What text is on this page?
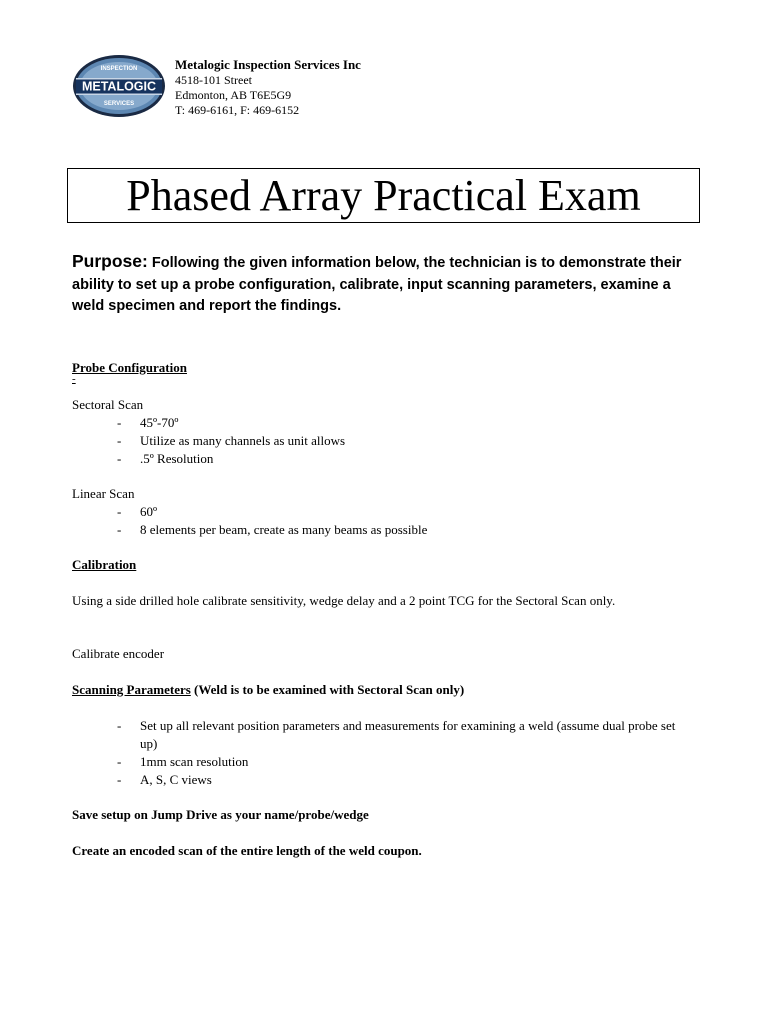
INSPECTION
METALOGIC
SERVICES
Metalogic Inspection Services Inc
4518-101 Street
Edmonton, AB T6E5G9
T: 469-6161, F: 469-6152
Phased Array Practical Exam
Purpose: Following the given information below, the technician is to demonstrate their ability to set up a probe configuration, calibrate, input scanning parameters, examine a weld specimen and report the findings.
Probe Configuration
-
Sectoral Scan
- 45º-70º
- Utilize as many channels as unit allows
- .5º Resolution
Linear Scan
- 60º
- 8 elements per beam, create as many beams as possible
Calibration
Using a side drilled hole calibrate sensitivity, wedge delay and a 2 point TCG for the Sectoral Scan only.
Calibrate encoder
Scanning Parameters (Weld is to be examined with Sectoral Scan only)
- Set up all relevant position parameters and measurements for examining a weld (assume dual probe set up)
- 1mm scan resolution
- A, S, C views
Save setup on Jump Drive as your name/probe/wedge
Create an encoded scan of the entire length of the weld coupon.
